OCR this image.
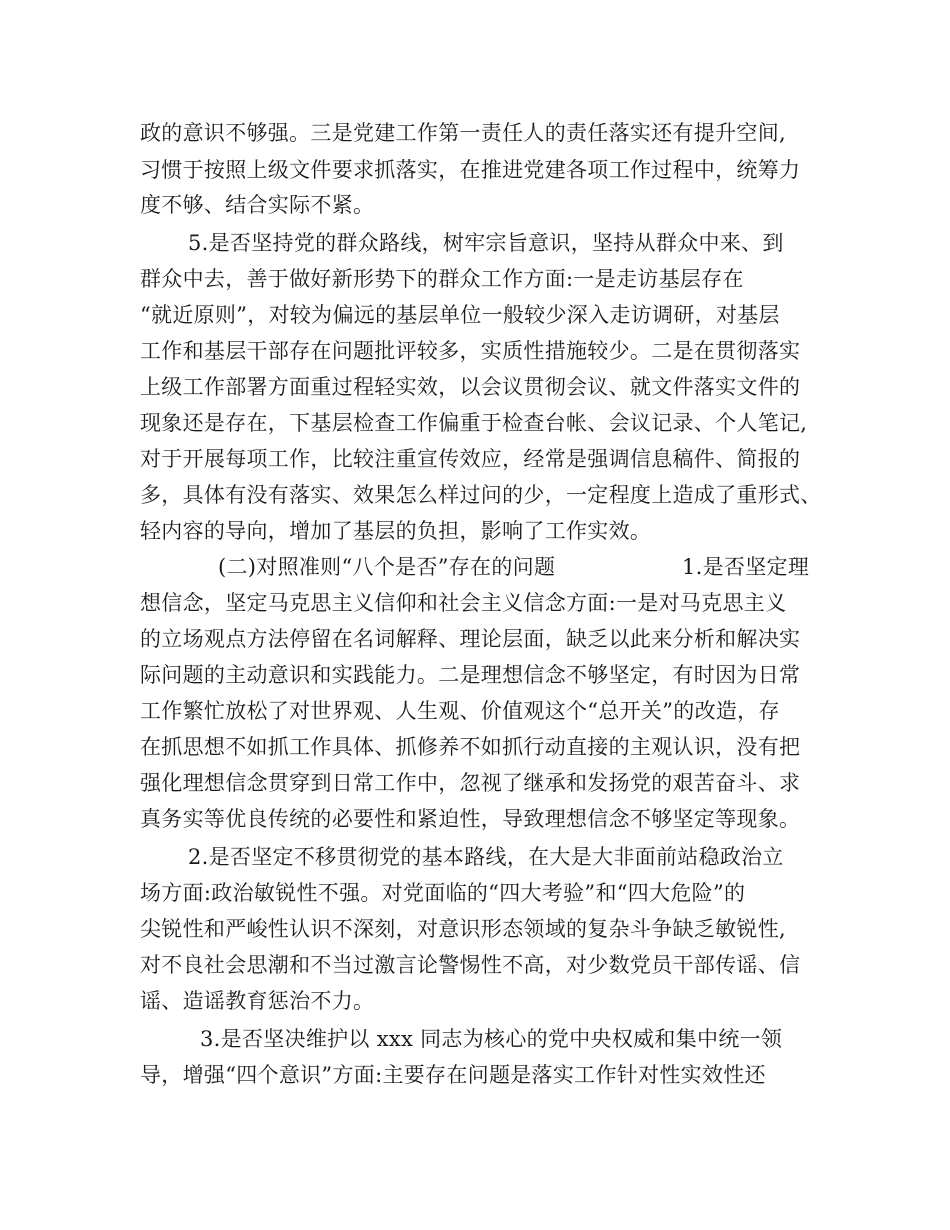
政的意识不够强。三是党建工作第一责任人的责任落实还有提升空间,
习惯于按照上级文件要求抓落实，在推进党建各项工作过程中，统筹力
度不够、结合实际不紧。
5.是否坚持党的群众路线，树牢宗旨意识，坚持从群众中来、到
群众中去，善于做好新形势下的群众工作方面:一是走访基层存在
“就近原则”，对较为偏远的基层单位一般较少深入走访调研，对基层
工作和基层干部存在问题批评较多，实质性措施较少。二是在贯彻落实
上级工作部署方面重过程轻实效，以会议贯彻会议、就文件落实文件的
现象还是存在，下基层检查工作偏重于检查台帐、会议记录、个人笔记,
对于开展每项工作，比较注重宣传效应，经常是强调信息稿件、简报的
多，具体有没有落实、效果怎么样过问的少，一定程度上造成了重形式、
轻内容的导向，增加了基层的负担，影响了工作实效。
(二)对照准则“八个是否”存在的问题	1.是否坚定理
想信念，坚定马克思主义信仰和社会主义信念方面:一是对马克思主义
的立场观点方法停留在名词解释、理论层面，缺乏以此来分析和解决实
际问题的主动意识和实践能力。二是理想信念不够坚定，有时因为日常
工作繁忙放松了对世界观、人生观、价值观这个“总开关”的改造，存
在抓思想不如抓工作具体、抓修养不如抓行动直接的主观认识，没有把
强化理想信念贯穿到日常工作中，忽视了继承和发扬党的艰苦奋斗、求
真务实等优良传统的必要性和紧迫性，导致理想信念不够坚定等现象。
2.是否坚定不移贯彻党的基本路线，在大是大非面前站稳政治立
场方面:政治敏锐性不强。对党面临的“四大考验”和“四大危险”的
尖锐性和严峻性认识不深刻，对意识形态领域的复杂斗争缺乏敏锐性,
对不良社会思潮和不当过激言论警惕性不高，对少数党员干部传谣、信
谣、造谣教育惩治不力。
3.是否坚决维护以 xxx 同志为核心的党中央权威和集中统一领
导，增强“四个意识”方面:主要存在问题是落实工作针对性实效性还
